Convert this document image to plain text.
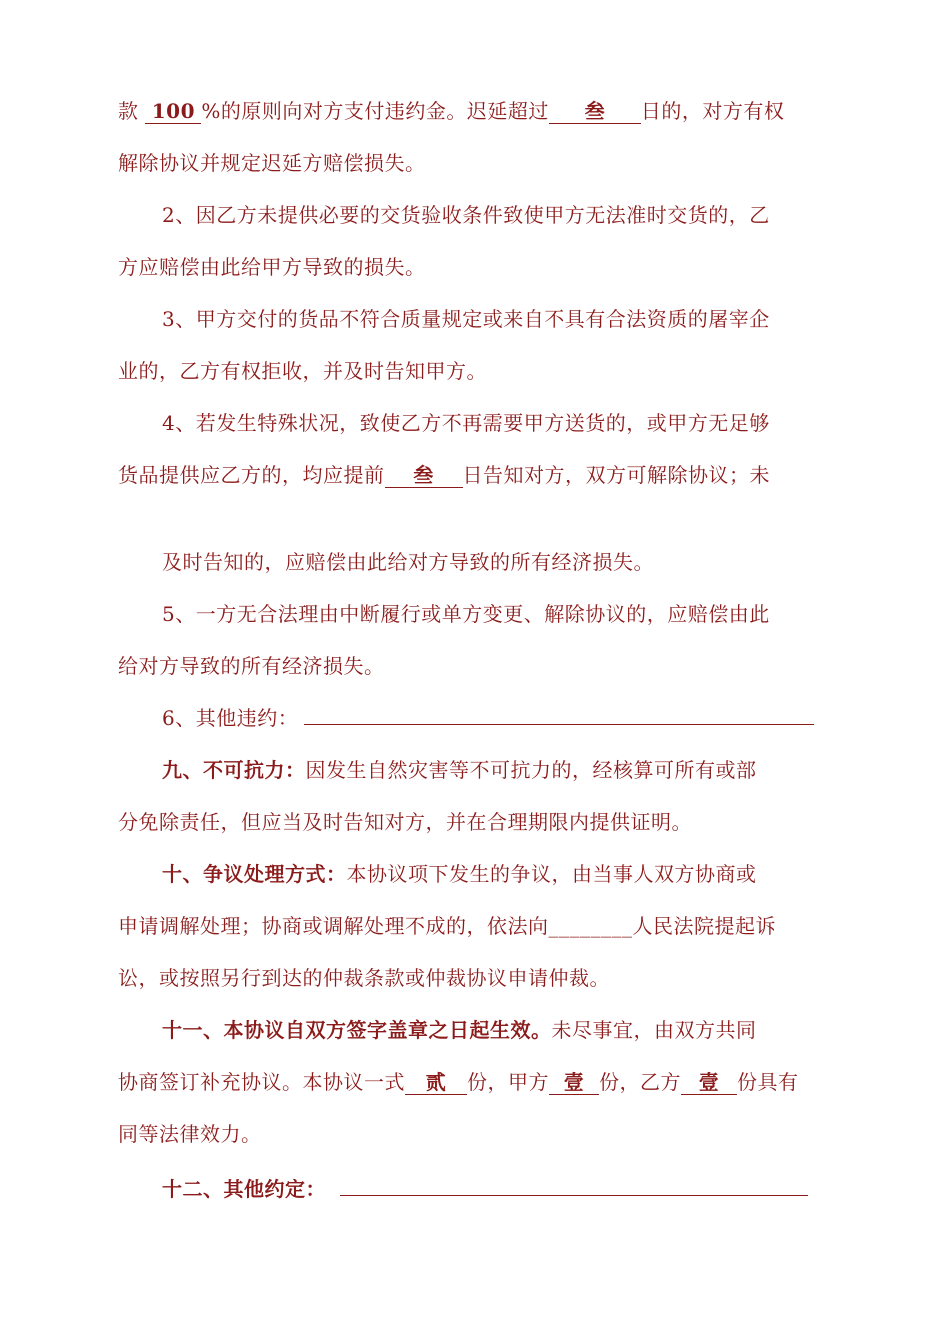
款 100 %的原则向对方支付违约金。迟延超过 叁 日的，对方有权
解除协议并规定迟延方赔偿损失。
2、因乙方未提供必要的交货验收条件致使甲方无法准时交货的，乙
方应赔偿由此给甲方导致的损失。
3、甲方交付的货品不符合质量规定或来自不具有合法资质的屠宰企
业的，乙方有权拒收，并及时告知甲方。
4、若发生特殊状况，致使乙方不再需要甲方送货的，或甲方无足够
货品提供应乙方的，均应提前 叁 日告知对方，双方可解除协议；未
及时告知的，应赔偿由此给对方导致的所有经济损失。
5、一方无合法理由中断履行或单方变更、解除协议的，应赔偿由此
给对方导致的所有经济损失。
6、其他违约：
九、不可抗力：因发生自然灾害等不可抗力的，经核算可所有或部
分免除责任，但应当及时告知对方，并在合理期限内提供证明。
十、争议处理方式：本协议项下发生的争议，由当事人双方协商或
申请调解处理；协商或调解处理不成的，依法向________人民法院提起诉
讼，或按照另行到达的仲裁条款或仲裁协议申请仲裁。
十一、本协议自双方签字盖章之日起生效。未尽事宜，由双方共同
协商签订补充协议。本协议一式 贰 份，甲方 壹 份，乙方 壹 份具有
同等法律效力。
十二、其他约定：
